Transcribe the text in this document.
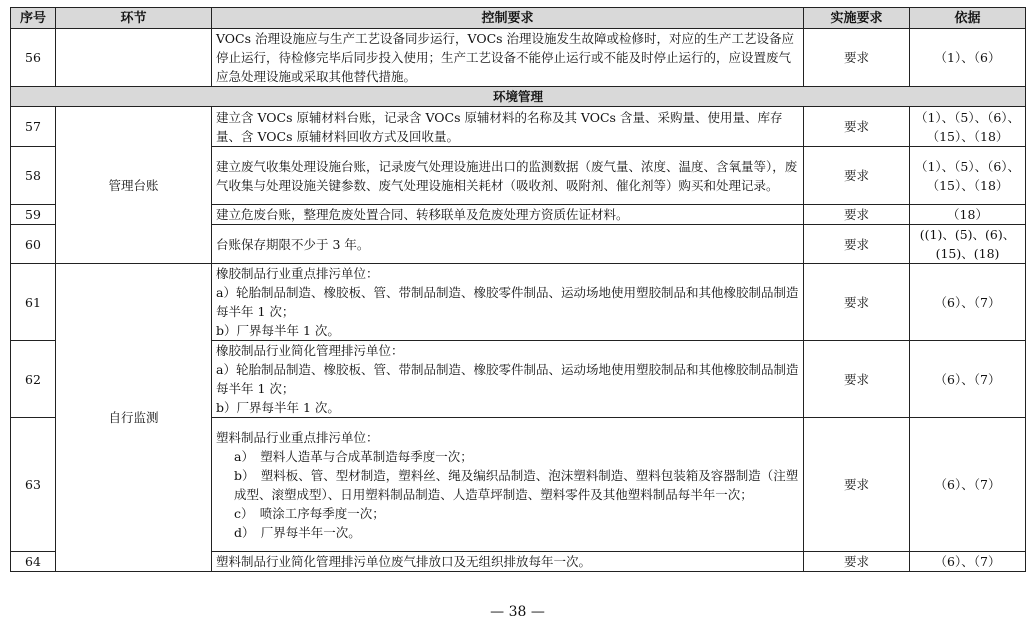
序号	环节	控制要求	实施要求	依据
56		VOCs 治理设施应与生产工艺设备同步运行，VOCs 治理设施发生故障或检修时，对应的生产工艺设备应停止运行，待检修完毕后同步投入使用；生产工艺设备不能停止运行或不能及时停止运行的，应设置废气应急处理设施或采取其他替代措施。	要求	（1）、（6）
环境管理				
57	管理台账	建立含 VOCs 原辅材料台账，记录含 VOCs 原辅材料的名称及其 VOCs 含量、采购量、使用量、库存量、含 VOCs 原辅材料回收方式及回收量。	要求	（1）、（5）、（6）、（15）、（18）
58		建立废气收集处理设施台账，记录废气处理设施进出口的监测数据（废气量、浓度、温度、含氧量等），废气收集与处理设施关键参数、废气处理设施相关耗材（吸收剂、吸附剂、催化剂等）购买和处理记录。	要求	（1）、（5）、（6）、（15）、（18）
59		建立危废台账，整理危废处置合同、转移联单及危废处理方资质佐证材料。	要求	（18）
60		台账保存期限不少于 3 年。	要求	((1)、(5)、(6)、(15)、(18)
61	自行监测	橡胶制品行业重点排污单位：
a）轮胎制品制造、橡胶板、管、带制品制造、橡胶零件制品、运动场地使用塑胶制品和其他橡胶制品制造每半年 1 次；
b）厂界每半年 1 次。	要求	（6）、（7）
62		橡胶制品行业简化管理排污单位：
a）轮胎制品制造、橡胶板、管、带制品制造、橡胶零件制品、运动场地使用塑胶制品和其他橡胶制品制造每半年 1 次；
b）厂界每半年 1 次。	要求	（6）、（7）
63		塑料制品行业重点排污单位：
a）　塑料人造革与合成革制造每季度一次；
b）　塑料板、管、型材制造，塑料丝、绳及编织品制造、泡沫塑料制造、塑料包装箱及容器制造（注塑成型、滚塑成型）、日用塑料制品制造、人造草坪制造、塑料零件及其他塑料制品每半年一次；
c）　喷涂工序每季度一次；
d）　厂界每半年一次。	要求	（6）、（7）
64		塑料制品行业简化管理排污单位废气排放口及无组织排放每年一次。	要求	（6）、（7）
— 38 —
